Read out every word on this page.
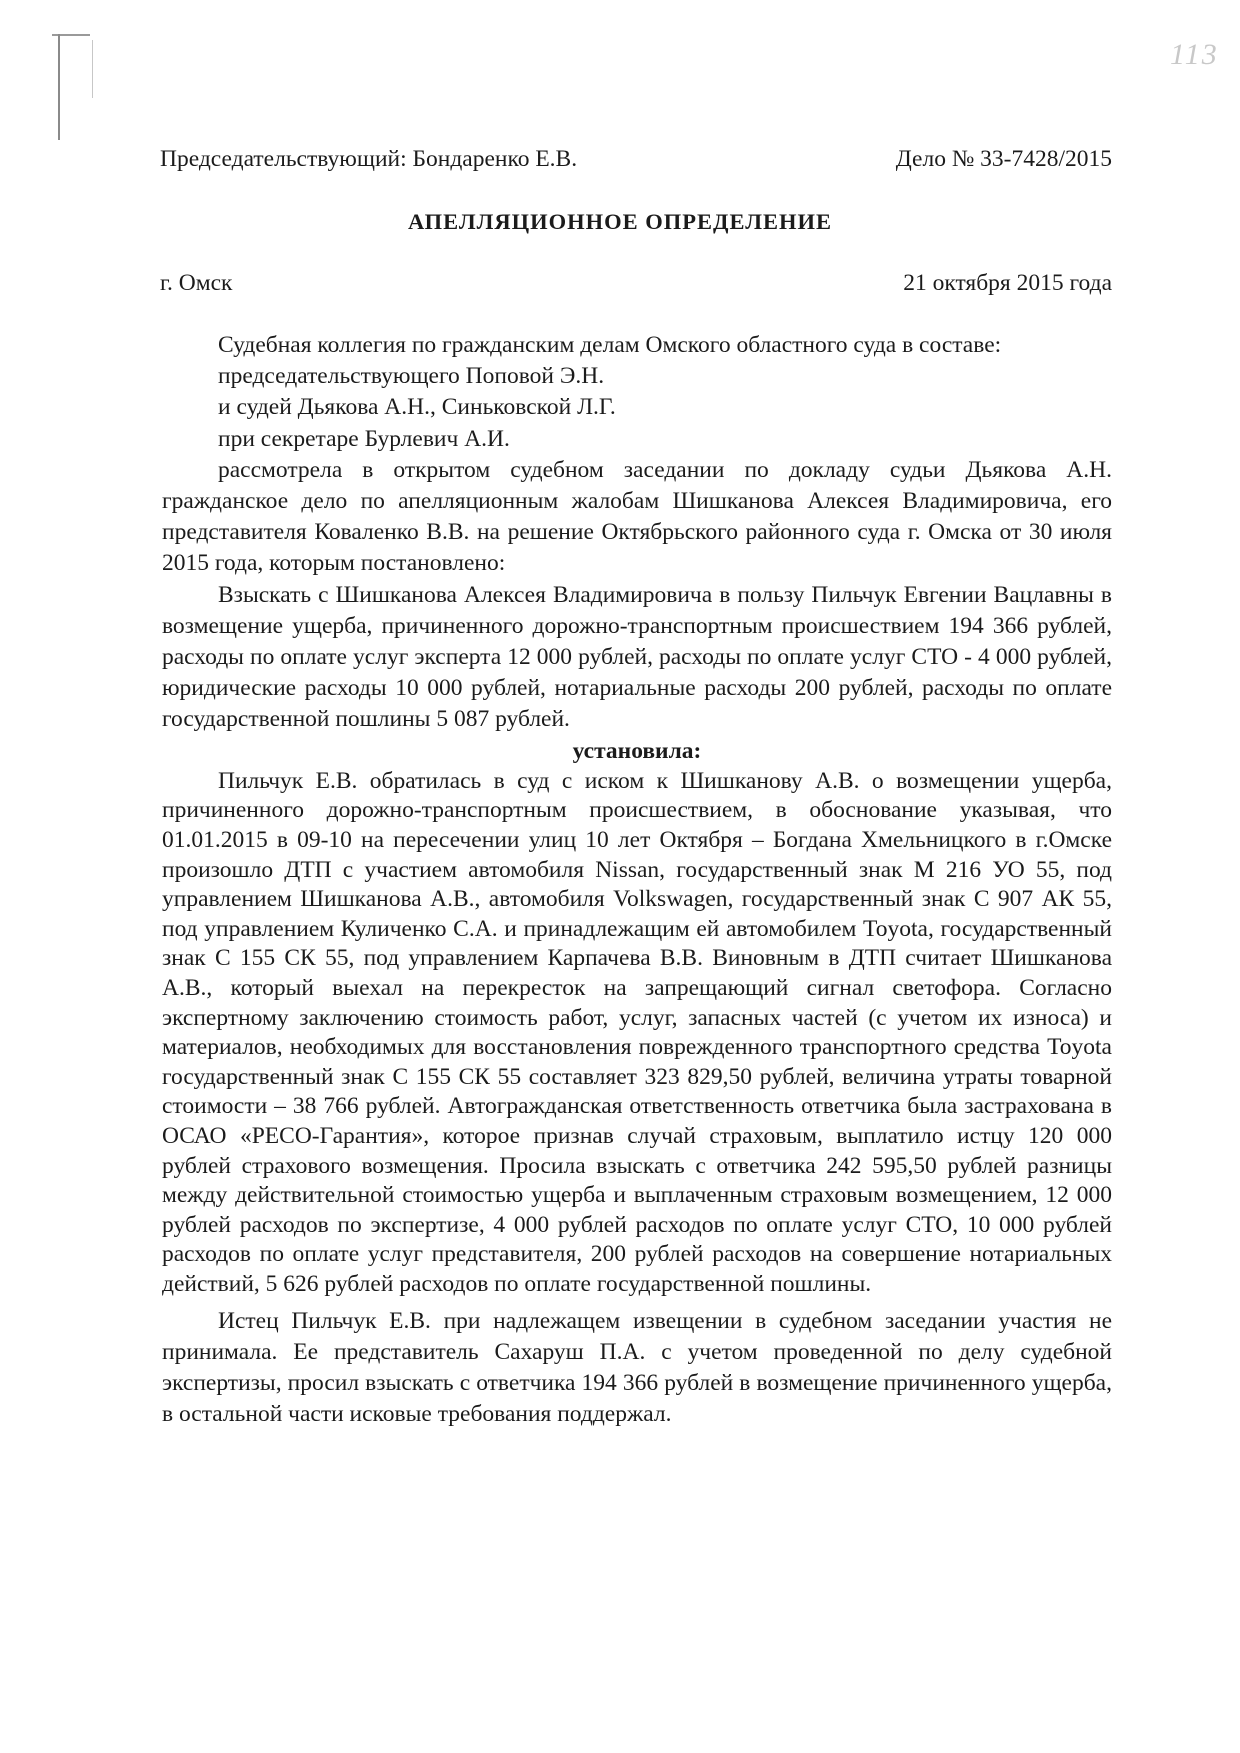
113
Председательствующий: Бондаренко Е.В.	Дело № 33-7428/2015
АПЕЛЛЯЦИОННОЕ ОПРЕДЕЛЕНИЕ
г. Омск	21 октября 2015 года

Судебная коллегия по гражданским делам Омского областного суда в составе:

председательствующего Поповой Э.Н.

и судей Дьякова А.Н., Синьковской Л.Г.

при секретаре Бурлевич А.И.

рассмотрела в открытом судебном заседании по докладу судьи Дьякова А.Н. гражданское дело по апелляционным жалобам Шишканова Алексея Владимировича, его представителя Коваленко В.В. на решение Октябрьского районного суда г. Омска от 30 июля 2015 года, которым постановлено:

Взыскать с Шишканова Алексея Владимировича в пользу Пильчук Евгении Вацлавны в возмещение ущерба, причиненного дорожно-транспортным происшествием 194 366 рублей, расходы по оплате услуг эксперта 12 000 рублей, расходы по оплате услуг СТО - 4 000 рублей, юридические расходы 10 000 рублей, нотариальные расходы 200 рублей, расходы по оплате государственной пошлины 5 087 рублей.

установила:

Пильчук Е.В. обратилась в суд с иском к Шишканову А.В. о возмещении ущерба, причиненного дорожно-транспортным происшествием, в обоснование указывая, что 01.01.2015 в 09-10 на пересечении улиц 10 лет Октября – Богдана Хмельницкого в г.Омске произошло ДТП с участием автомобиля Nissan, государственный знак М 216 УО 55, под управлением Шишканова А.В., автомобиля Volkswagen, государственный знак С 907 АК 55, под управлением Куличенко С.А. и принадлежащим ей автомобилем Toyota, государственный знак С 155 СК 55, под управлением Карпачева В.В. Виновным в ДТП считает Шишканова А.В., который выехал на перекресток на запрещающий сигнал светофора. Согласно экспертному заключению стоимость работ, услуг, запасных частей (с учетом их износа) и материалов, необходимых для восстановления поврежденного транспортного средства Toyota государственный знак С 155 СК 55 составляет 323 829,50 рублей, величина утраты товарной стоимости – 38 766 рублей. Автогражданская ответственность ответчика была застрахована в ОСАО «РЕСО-Гарантия», которое признав случай страховым, выплатило истцу 120 000 рублей страхового возмещения. Просила взыскать с ответчика 242 595,50 рублей разницы между действительной стоимостью ущерба и выплаченным страховым возмещением, 12 000 рублей расходов по экспертизе, 4 000 рублей расходов по оплате услуг СТО, 10 000 рублей расходов по оплате услуг представителя, 200 рублей расходов на совершение нотариальных действий, 5 626 рублей расходов по оплате государственной пошлины.

Истец Пильчук Е.В. при надлежащем извещении в судебном заседании участия не принимала. Ее представитель Сахаруш П.А. с учетом проведенной по делу судебной экспертизы, просил взыскать с ответчика 194 366 рублей в возмещение причиненного ущерба, в остальной части исковые требования поддержал.
